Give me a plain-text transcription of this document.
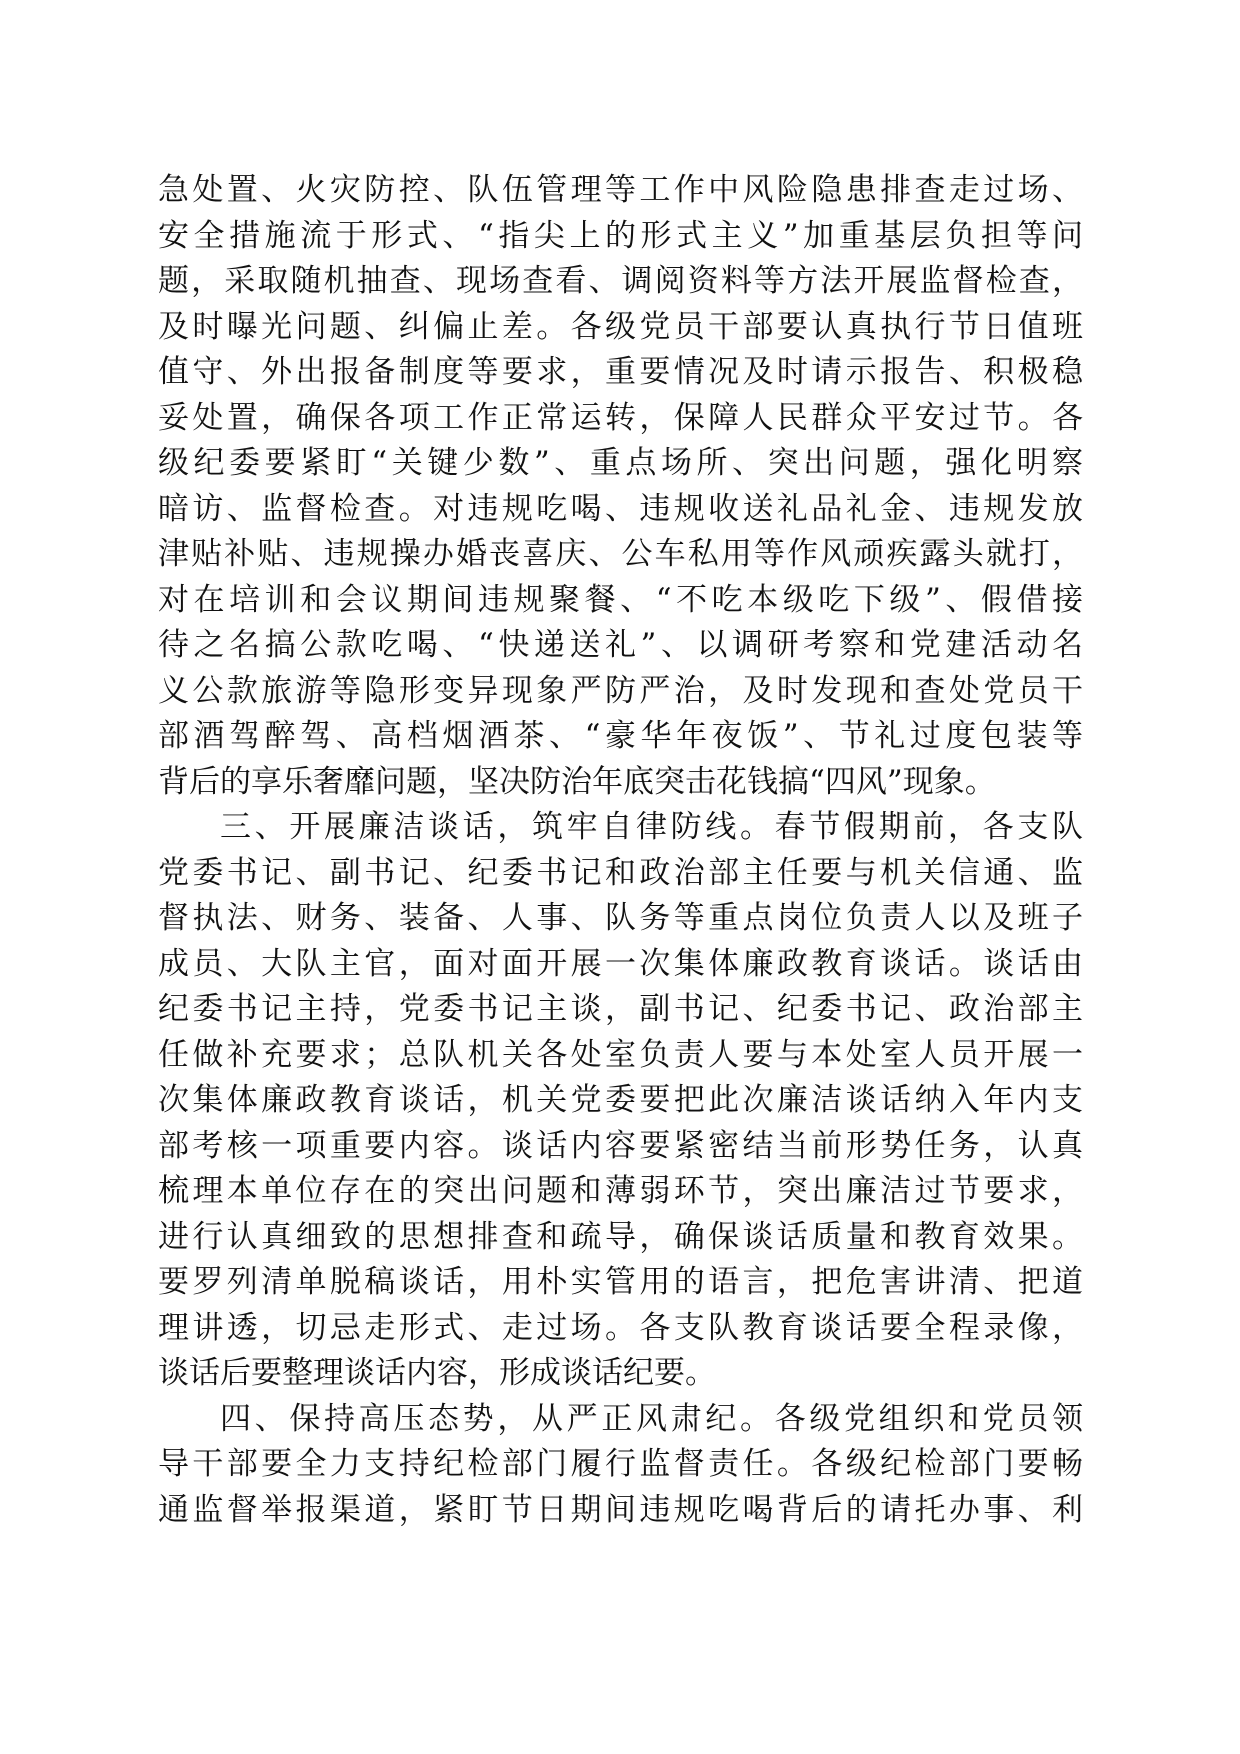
急处置、火灾防控、队伍管理等工作中风险隐患排查走过场、
安全措施流于形式、“指尖上的形式主义”加重基层负担等问
题，采取随机抽查、现场查看、调阅资料等方法开展监督检查，
及时曝光问题、纠偏止差。各级党员干部要认真执行节日值班
值守、外出报备制度等要求，重要情况及时请示报告、积极稳
妥处置，确保各项工作正常运转，保障人民群众平安过节。各
级纪委要紧盯“关键少数”、重点场所、突出问题，强化明察
暗访、监督检查。对违规吃喝、违规收送礼品礼金、违规发放
津贴补贴、违规操办婚丧喜庆、公车私用等作风顽疾露头就打，
对在培训和会议期间违规聚餐、“不吃本级吃下级”、假借接
待之名搞公款吃喝、“快递送礼”、以调研考察和党建活动名
义公款旅游等隐形变异现象严防严治，及时发现和查处党员干
部酒驾醉驾、高档烟酒茶、“豪华年夜饭”、节礼过度包装等
背后的享乐奢靡问题，坚决防治年底突击花钱搞“四风”现象。
三、开展廉洁谈话，筑牢自律防线。春节假期前，各支队
党委书记、副书记、纪委书记和政治部主任要与机关信通、监
督执法、财务、装备、人事、队务等重点岗位负责人以及班子
成员、大队主官，面对面开展一次集体廉政教育谈话。谈话由
纪委书记主持，党委书记主谈，副书记、纪委书记、政治部主
任做补充要求；总队机关各处室负责人要与本处室人员开展一
次集体廉政教育谈话，机关党委要把此次廉洁谈话纳入年内支
部考核一项重要内容。谈话内容要紧密结当前形势任务，认真
梳理本单位存在的突出问题和薄弱环节，突出廉洁过节要求，
进行认真细致的思想排查和疏导，确保谈话质量和教育效果。
要罗列清单脱稿谈话，用朴实管用的语言，把危害讲清、把道
理讲透，切忌走形式、走过场。各支队教育谈话要全程录像，
谈话后要整理谈话内容，形成谈话纪要。
四、保持高压态势，从严正风肃纪。各级党组织和党员领
导干部要全力支持纪检部门履行监督责任。各级纪检部门要畅
通监督举报渠道，紧盯节日期间违规吃喝背后的请托办事、利
